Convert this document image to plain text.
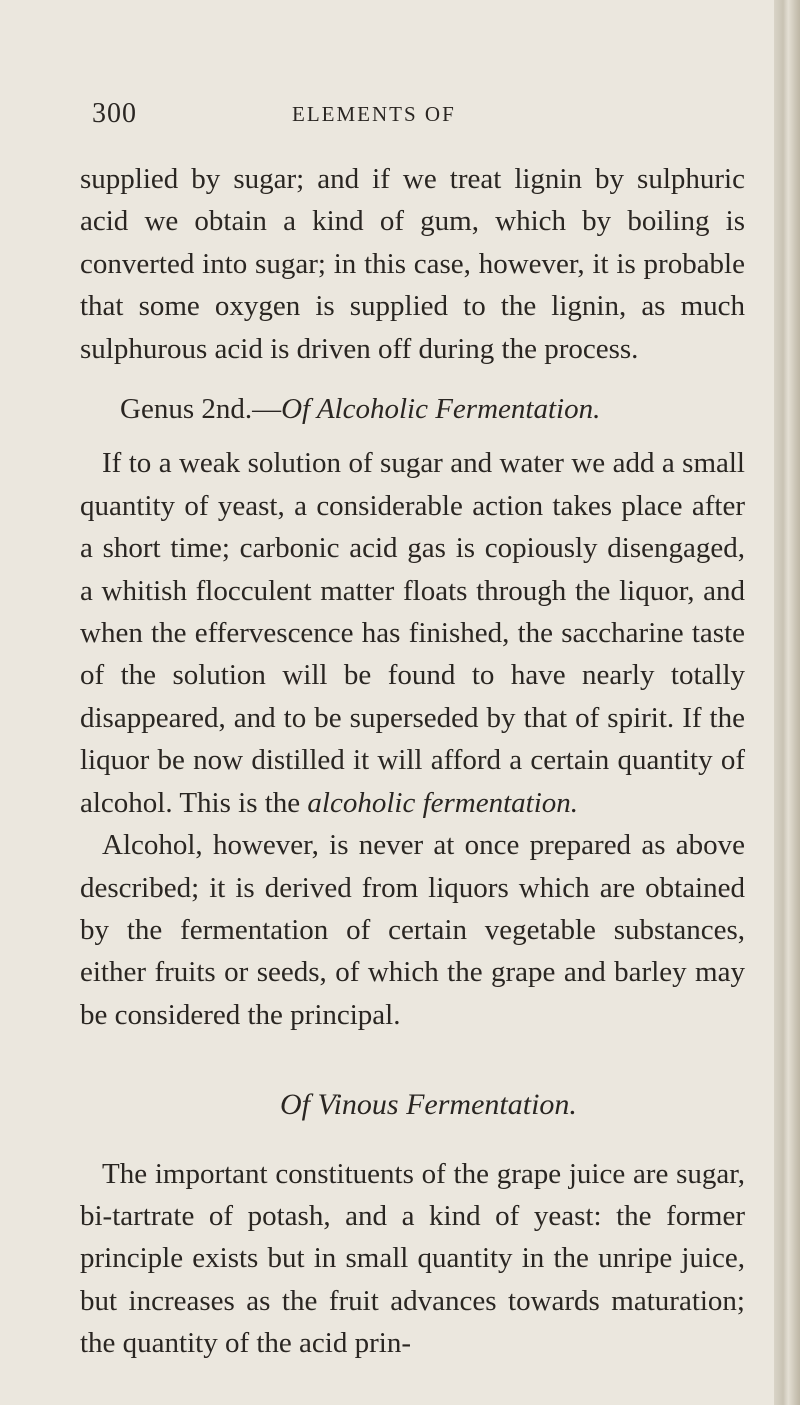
300	ELEMENTS OF

supplied by sugar; and if we treat lignin by sulphuric acid we obtain a kind of gum, which by boiling is converted into sugar; in this case, however, it is probable that some oxygen is supplied to the lignin, as much sulphurous acid is driven off during the process.

Genus 2nd.—Of Alcoholic Fermentation.

If to a weak solution of sugar and water we add a small quantity of yeast, a considerable action takes place after a short time; carbonic acid gas is copiously disengaged, a whitish flocculent matter floats through the liquor, and when the effervescence has finished, the saccharine taste of the solution will be found to have nearly totally disappeared, and to be superseded by that of spirit. If the liquor be now distilled it will afford a certain quantity of alcohol. This is the alcoholic fermentation.

Alcohol, however, is never at once prepared as above described; it is derived from liquors which are obtained by the fermentation of certain vegetable substances, either fruits or seeds, of which the grape and barley may be considered the principal.

Of Vinous Fermentation.

The important constituents of the grape juice are sugar, bi-tartrate of potash, and a kind of yeast: the former principle exists but in small quantity in the unripe juice, but increases as the fruit advances towards maturation; the quantity of the acid prin-
